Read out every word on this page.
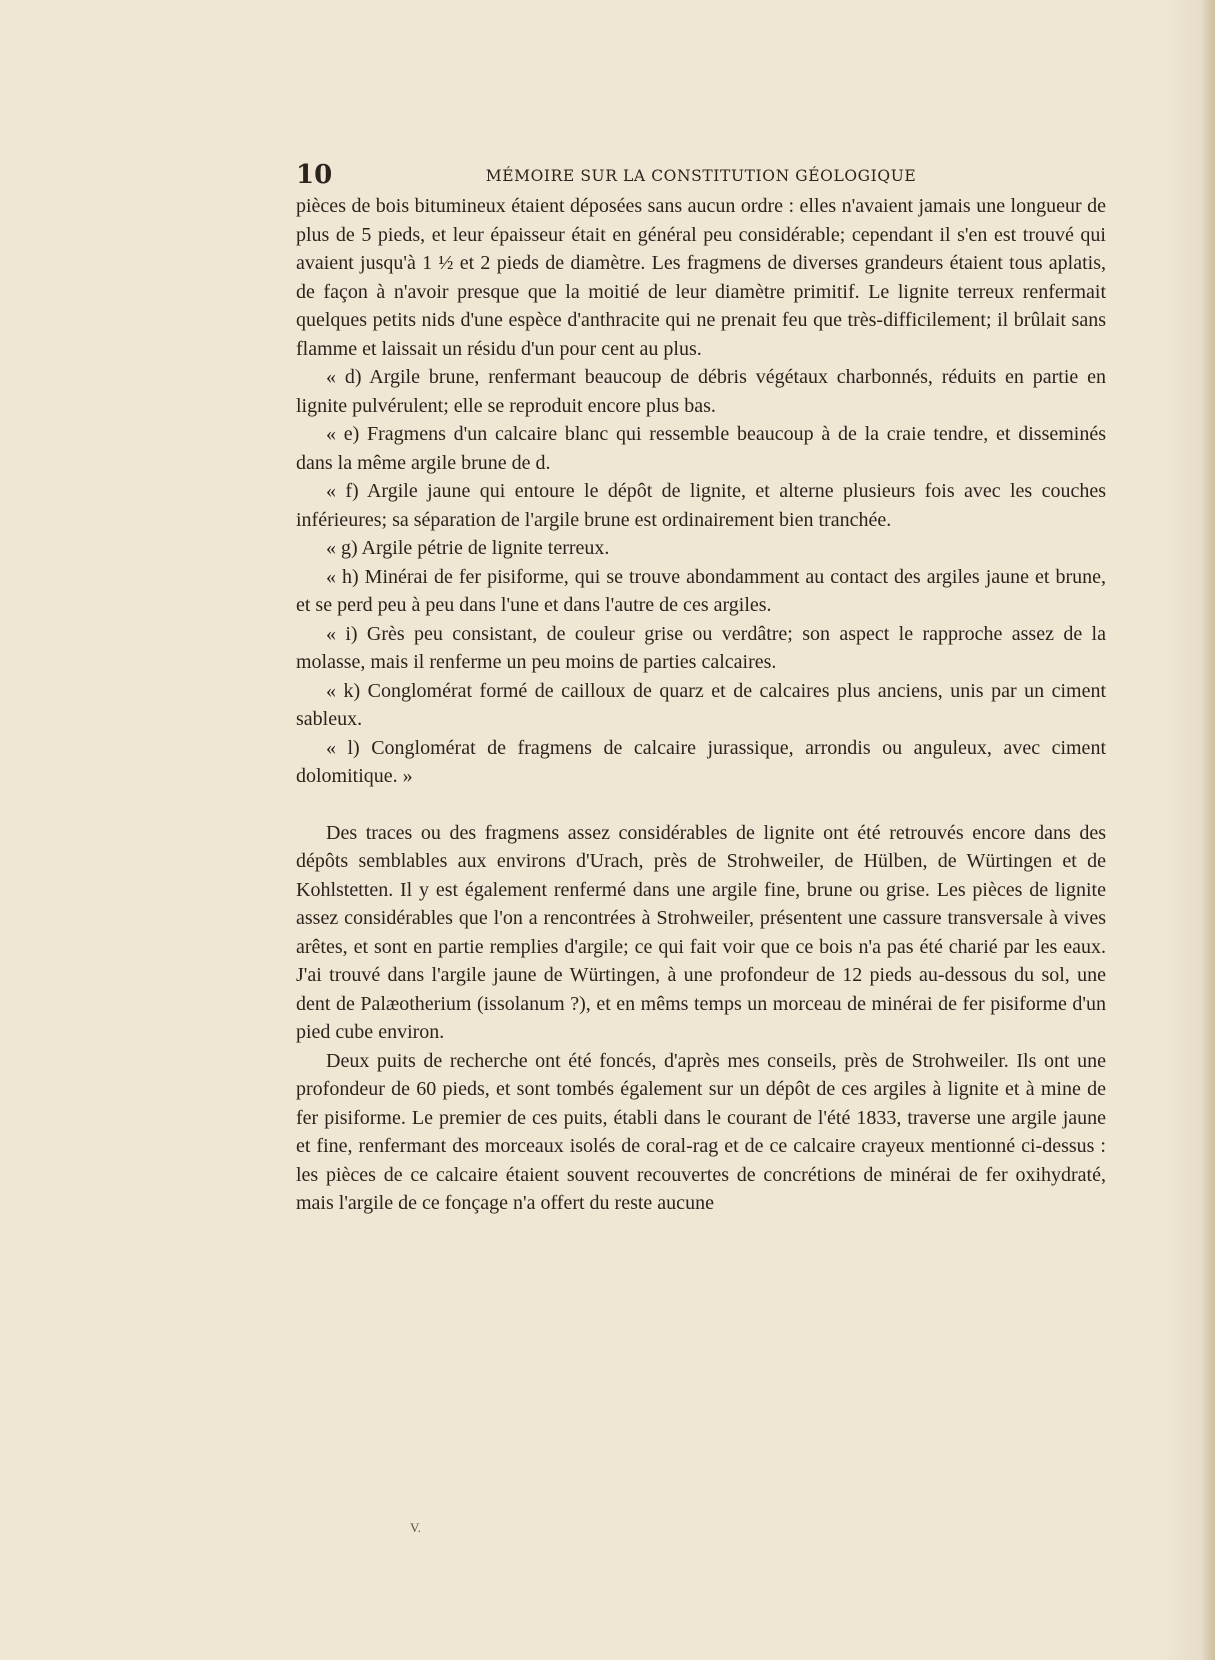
10	MÉMOIRE SUR LA CONSTITUTION GÉOLOGIQUE

pièces de bois bitumineux étaient déposées sans aucun ordre : elles n'avaient jamais une longueur de plus de 5 pieds, et leur épaisseur était en général peu considérable; cependant il s'en est trouvé qui avaient jusqu'à 1 ½ et 2 pieds de diamètre. Les fragmens de diverses grandeurs étaient tous aplatis, de façon à n'avoir presque que la moitié de leur diamètre primitif. Le lignite terreux renfermait quelques petits nids d'une espèce d'anthracite qui ne prenait feu que très-difficilement; il brûlait sans flamme et laissait un résidu d'un pour cent au plus.

« d) Argile brune, renfermant beaucoup de débris végétaux charbonnés, réduits en partie en lignite pulvérulent; elle se reproduit encore plus bas.

« e) Fragmens d'un calcaire blanc qui ressemble beaucoup à de la craie tendre, et disseminés dans la même argile brune de d.

« f) Argile jaune qui entoure le dépôt de lignite, et alterne plusieurs fois avec les couches inférieures; sa séparation de l'argile brune est ordinairement bien tranchée.

« g) Argile pétrie de lignite terreux.

« h) Minérai de fer pisiforme, qui se trouve abondamment au contact des argiles jaune et brune, et se perd peu à peu dans l'une et dans l'autre de ces argiles.

« i) Grès peu consistant, de couleur grise ou verdâtre; son aspect le rapproche assez de la molasse, mais il renferme un peu moins de parties calcaires.

« k) Conglomérat formé de cailloux de quarz et de calcaires plus anciens, unis par un ciment sableux.

« l) Conglomérat de fragmens de calcaire jurassique, arrondis ou anguleux, avec ciment dolomitique. »

Des traces ou des fragmens assez considérables de lignite ont été retrouvés encore dans des dépôts semblables aux environs d'Urach, près de Strohweiler, de Hülben, de Würtingen et de Kohlstetten. Il y est également renfermé dans une argile fine, brune ou grise. Les pièces de lignite assez considérables que l'on a rencontrées à Strohweiler, présentent une cassure transversale à vives arêtes, et sont en partie remplies d'argile; ce qui fait voir que ce bois n'a pas été charié par les eaux. J'ai trouvé dans l'argile jaune de Würtingen, à une profondeur de 12 pieds au-dessous du sol, une dent de Palæotherium (issolanum ?), et en mêms temps un morceau de minérai de fer pisiforme d'un pied cube environ.

Deux puits de recherche ont été foncés, d'après mes conseils, près de Strohweiler. Ils ont une profondeur de 60 pieds, et sont tombés également sur un dépôt de ces argiles à lignite et à mine de fer pisiforme. Le premier de ces puits, établi dans le courant de l'été 1833, traverse une argile jaune et fine, renfermant des morceaux isolés de coral-rag et de ce calcaire crayeux mentionné ci-dessus : les pièces de ce calcaire étaient souvent recouvertes de concrétions de minérai de fer oxihydraté, mais l'argile de ce fonçage n'a offert du reste aucune

V.
